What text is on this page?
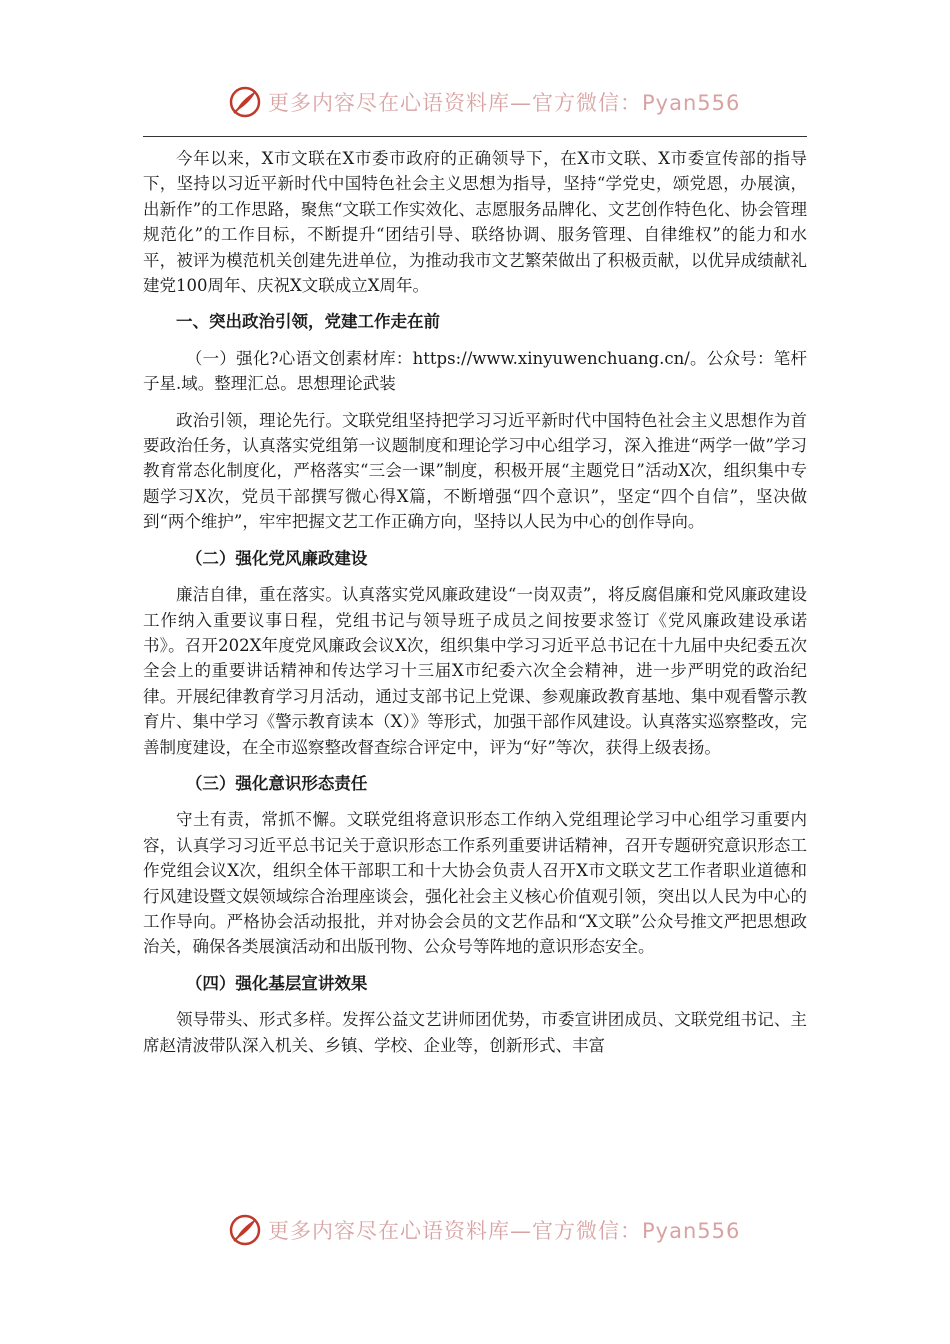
更多内容尽在心语资料库—官方微信：Pyan556

今年以来，X市文联在X市委市政府的正确领导下，在X市文联、X市委宣传部的指导下，坚持以习近平新时代中国特色社会主义思想为指导，坚持“学党史，颂党恩，办展演，出新作”的工作思路，聚焦“文联工作实效化、志愿服务品牌化、文艺创作特色化、协会管理规范化”的工作目标，不断提升“团结引导、联络协调、服务管理、自律维权”的能力和水平，被评为模范机关创建先进单位，为推动我市文艺繁荣做出了积极贡献，以优异成绩献礼建党100周年、庆祝X文联成立X周年。

一、突出政治引领，党建工作走在前

（一）强化?心语文创素材库：https://www.xinyuwenchuang.cn/。公众号：笔杆子星.域。整理汇总。思想理论武装

政治引领，理论先行。文联党组坚持把学习习近平新时代中国特色社会主义思想作为首要政治任务，认真落实党组第一议题制度和理论学习中心组学习，深入推进“两学一做”学习教育常态化制度化，严格落实“三会一课”制度，积极开展“主题党日”活动X次，组织集中专题学习X次，党员干部撰写微心得X篇，不断增强“四个意识”，坚定“四个自信”，坚决做到“两个维护”，牢牢把握文艺工作正确方向，坚持以人民为中心的创作导向。

（二）强化党风廉政建设

廉洁自律，重在落实。认真落实党风廉政建设“一岗双责”，将反腐倡廉和党风廉政建设工作纳入重要议事日程，党组书记与领导班子成员之间按要求签订《党风廉政建设承诺书》。召开202X年度党风廉政会议X次，组织集中学习习近平总书记在十九届中央纪委五次全会上的重要讲话精神和传达学习十三届X市纪委六次全会精神，进一步严明党的政治纪律。开展纪律教育学习月活动，通过支部书记上党课、参观廉政教育基地、集中观看警示教育片、集中学习《警示教育读本（X）》等形式，加强干部作风建设。认真落实巡察整改，完善制度建设，在全市巡察整改督查综合评定中，评为“好”等次，获得上级表扬。

（三）强化意识形态责任

守土有责，常抓不懈。文联党组将意识形态工作纳入党组理论学习中心组学习重要内容，认真学习习近平总书记关于意识形态工作系列重要讲话精神，召开专题研究意识形态工作党组会议X次，组织全体干部职工和十大协会负责人召开X市文联文艺工作者职业道德和行风建设暨文娱领域综合治理座谈会，强化社会主义核心价值观引领，突出以人民为中心的工作导向。严格协会活动报批，并对协会会员的文艺作品和“X文联”公众号推文严把思想政治关，确保各类展演活动和出版刊物、公众号等阵地的意识形态安全。

（四）强化基层宣讲效果

领导带头、形式多样。发挥公益文艺讲师团优势，市委宣讲团成员、文联党组书记、主席赵清波带队深入机关、乡镇、学校、企业等，创新形式、丰富

更多内容尽在心语资料库—官方微信：Pyan556
